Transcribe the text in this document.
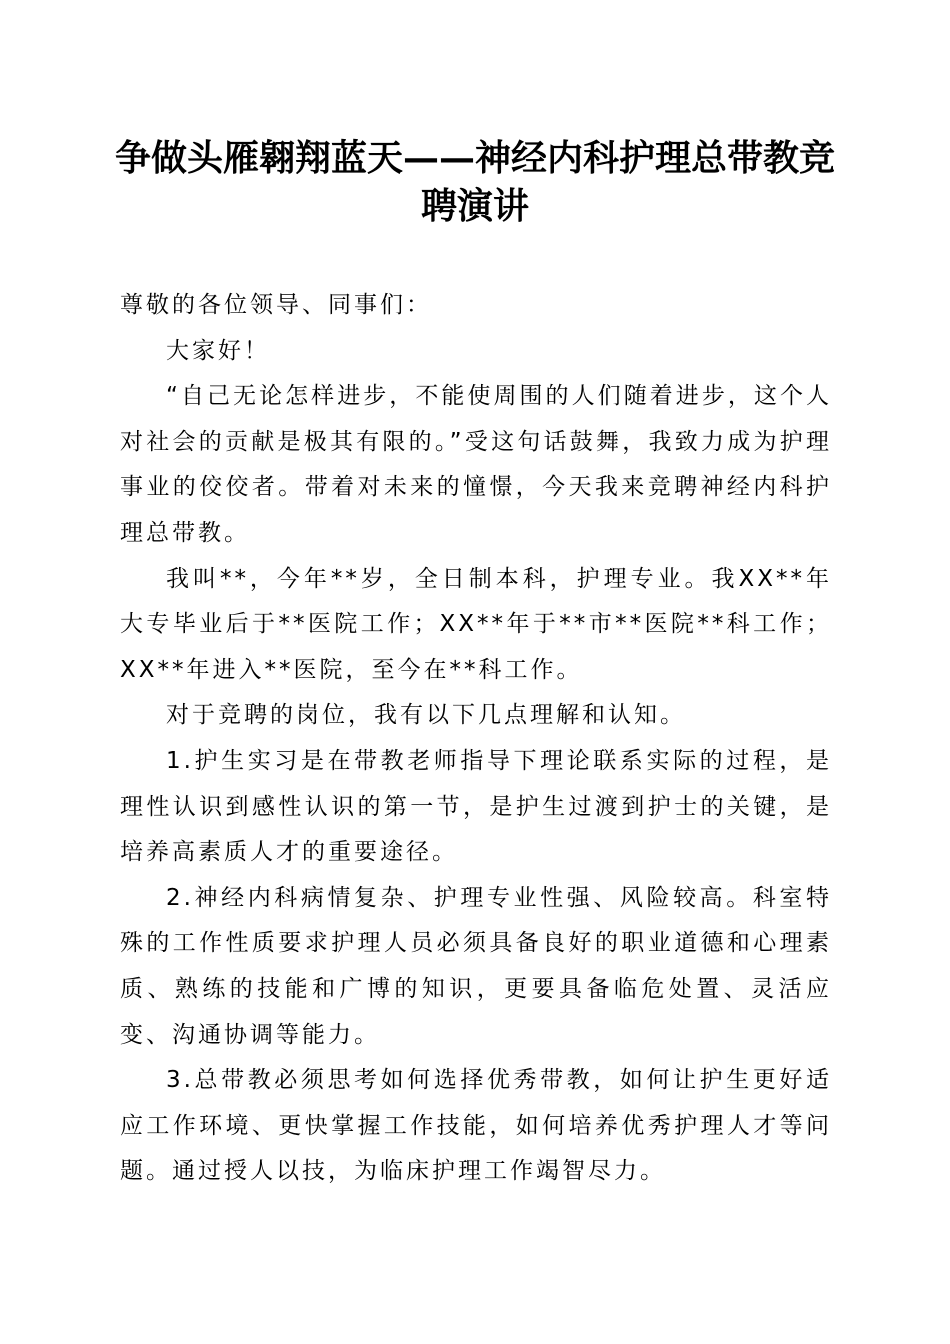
争做头雁翱翔蓝天——神经内科护理总带教竞聘演讲

尊敬的各位领导、同事们：

大家好！

“自己无论怎样进步，不能使周围的人们随着进步，这个人对社会的贡献是极其有限的。”受这句话鼓舞，我致力成为护理事业的佼佼者。带着对未来的憧憬，今天我来竞聘神经内科护理总带教。

我叫**，今年**岁，全日制本科，护理专业。我XX**年大专毕业后于**医院工作；XX**年于**市**医院**科工作；XX**年进入**医院，至今在**科工作。

对于竞聘的岗位，我有以下几点理解和认知。

1.护生实习是在带教老师指导下理论联系实际的过程，是理性认识到感性认识的第一节，是护生过渡到护士的关键，是培养高素质人才的重要途径。

2.神经内科病情复杂、护理专业性强、风险较高。科室特殊的工作性质要求护理人员必须具备良好的职业道德和心理素质、熟练的技能和广博的知识，更要具备临危处置、灵活应变、沟通协调等能力。

3.总带教必须思考如何选择优秀带教，如何让护生更好适应工作环境、更快掌握工作技能，如何培养优秀护理人才等问题。通过授人以技，为临床护理工作竭智尽力。
